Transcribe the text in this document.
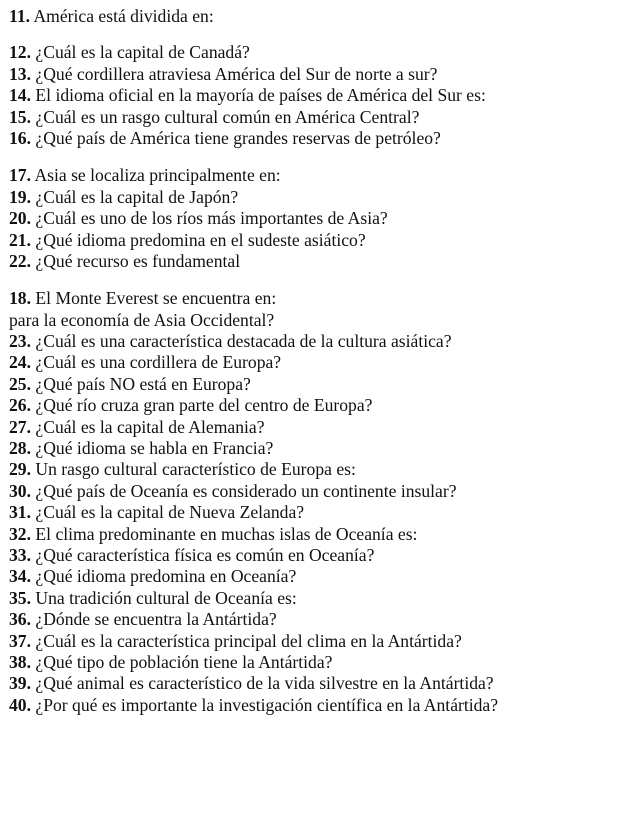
11. América está dividida en:
12. ¿Cuál es la capital de Canadá?
13. ¿Qué cordillera atraviesa América del Sur de norte a sur?
14. El idioma oficial en la mayoría de países de América del Sur es:
15. ¿Cuál es un rasgo cultural común en América Central?
16. ¿Qué país de América tiene grandes reservas de petróleo?
17. Asia se localiza principalmente en:
19. ¿Cuál es la capital de Japón?
20. ¿Cuál es uno de los ríos más importantes de Asia?
21. ¿Qué idioma predomina en el sudeste asiático?
22. ¿Qué recurso es fundamental
18. El Monte Everest se encuentra en:
para la economía de Asia Occidental?
23. ¿Cuál es una característica destacada de la cultura asiática?
24. ¿Cuál es una cordillera de Europa?
25. ¿Qué país NO está en Europa?
26. ¿Qué río cruza gran parte del centro de Europa?
27. ¿Cuál es la capital de Alemania?
28. ¿Qué idioma se habla en Francia?
29. Un rasgo cultural característico de Europa es:
30. ¿Qué país de Oceanía es considerado un continente insular?
31. ¿Cuál es la capital de Nueva Zelanda?
32. El clima predominante en muchas islas de Oceanía es:
33. ¿Qué característica física es común en Oceanía?
34. ¿Qué idioma predomina en Oceanía?
35. Una tradición cultural de Oceanía es:
36. ¿Dónde se encuentra la Antártida?
37. ¿Cuál es la característica principal del clima en la Antártida?
38. ¿Qué tipo de población tiene la Antártida?
39. ¿Qué animal es característico de la vida silvestre en la Antártida?
40. ¿Por qué es importante la investigación científica en la Antártida?
